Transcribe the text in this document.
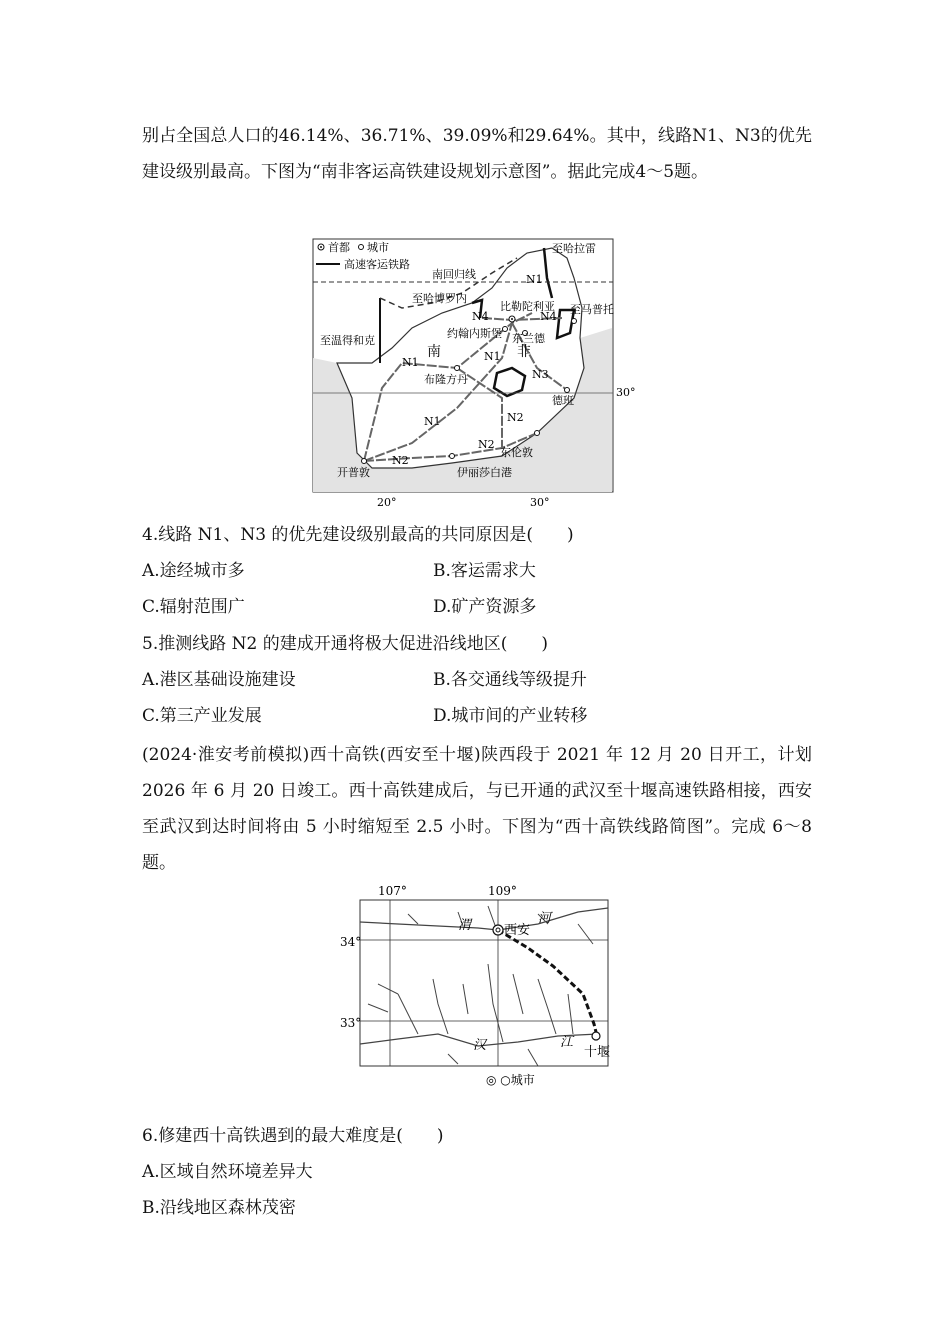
别占全国总人口的46.14%、36.71%、39.09%和29.64%。其中，线路N1、N3的优先建设级别最高。下图为“南非客运高铁建设规划示意图”。据此完成4～5题。
首都 城市
高速客运铁路
南回归线
至哈拉雷
至哈博罗内
至温得和克
至马普托
比勒陀利亚
约翰内斯堡 东兰德
布隆方丹
德班
东伦敦
伊丽莎白港
开普敦
南	非
N1
N1
N1
N1	N2
N2
N2
N3
N4	N4
30°
20°	30°
4.线路 N1、N3 的优先建设级别最高的共同原因是(　　)
A.途经城市多	B.客运需求大
C.辐射范围广	D.矿产资源多
5.推测线路 N2 的建成开通将极大促进沿线地区(　　)
A.港区基础设施建设	B.各交通线等级提升
C.第三产业发展	D.城市间的产业转移
(2024·淮安考前模拟)西十高铁(西安至十堰)陕西段于 2021 年 12 月 20 日开工，计划 2026 年 6 月 20 日竣工。西十高铁建成后，与已开通的武汉至十堰高速铁路相接，西安至武汉到达时间将由 5 小时缩短至 2.5 小时。下图为“西十高铁线路简图”。完成 6～8 题。
107°	109°
34°
33°
渭	河
汉	江
西安
十堰
◎ ○城市
6.修建西十高铁遇到的最大难度是(　　)
A.区域自然环境差异大
B.沿线地区森林茂密
